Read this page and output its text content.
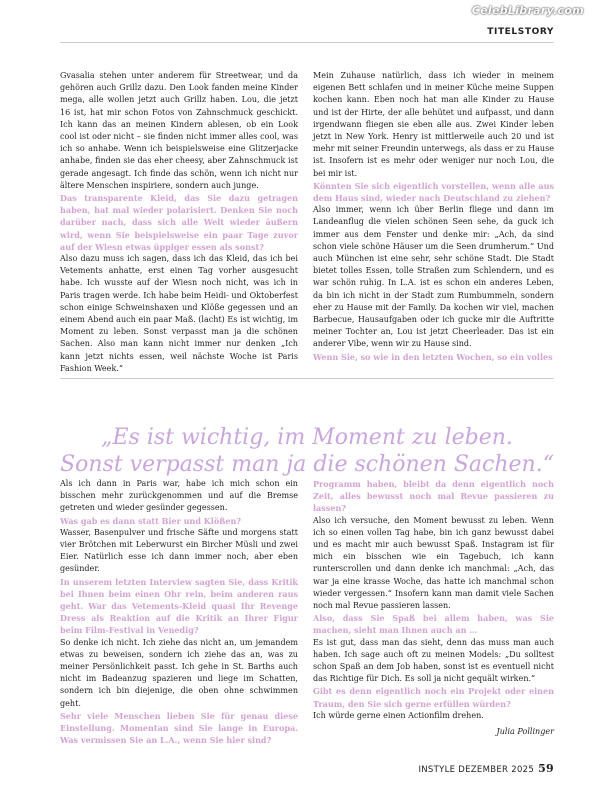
CelebLibrary.com
TITELSTORY

Gvasalia stehen unter anderem für Streetwear, und da gehören auch Grillz dazu. Den Look fanden meine Kinder mega, alle wollen jetzt auch Grillz haben. Lou, die jetzt 16 ist, hat mir schon Fotos von Zahnschmuck geschickt. Ich kann das an meinen Kindern ablesen, ob ein Look cool ist oder nicht – sie finden nicht immer alles cool, was ich so anhabe. Wenn ich beispielsweise eine Glitzerjacke anhabe, finden sie das eher cheesy, aber Zahnschmuck ist gerade angesagt. Ich finde das schön, wenn ich nicht nur ältere Menschen inspiriere, sondern auch junge.

Das transparente Kleid, das Sie dazu getragen haben, hat mal wieder polarisiert. Denken Sie noch darüber nach, dass sich alle Welt wieder äußern wird, wenn Sie beispielsweise ein paar Tage zuvor auf der Wiesn etwas üppiger essen als sonst?

Also dazu muss ich sagen, dass ich das Kleid, das ich bei Vetements anhatte, erst einen Tag vorher ausgesucht habe. Ich wusste auf der Wiesn noch nicht, was ich in Paris tragen werde. Ich habe beim Heidi- und Oktoberfest schon einige Schweinshaxen und Klöße gegessen und an einem Abend auch ein paar Maß. (lacht) Es ist wichtig, im Moment zu leben. Sonst verpasst man ja die schönen Sachen. Also man kann nicht immer nur denken „Ich kann jetzt nichts essen, weil nächste Woche ist Paris Fashion Week.“

Mein Zuhause natürlich, dass ich wieder in meinem eigenen Bett schlafen und in meiner Küche meine Suppen kochen kann. Eben noch hat man alle Kinder zu Hause und ist der Hirte, der alle behütet und aufpasst, und dann irgendwann fliegen sie eben alle aus. Zwei Kinder leben jetzt in New York. Henry ist mittlerweile auch 20 und ist mehr mit seiner Freundin unterwegs, als dass er zu Hause ist. Insofern ist es mehr oder weniger nur noch Lou, die bei mir ist.

Könnten Sie sich eigentlich vorstellen, wenn alle aus dem Haus sind, wieder nach Deutschland zu ziehen?

Also immer, wenn ich über Berlin fliege und dann im Landeanflug die vielen schönen Seen sehe, da guck ich immer aus dem Fenster und denke mir: „Ach, da sind schon viele schöne Häuser um die Seen drumherum.“ Und auch München ist eine sehr, sehr schöne Stadt. Die Stadt bietet tolles Essen, tolle Straßen zum Schlendern, und es war schön ruhig. In L.A. ist es schon ein anderes Leben, da bin ich nicht in der Stadt zum Rumbummeln, sondern eher zu Hause mit der Family. Da kochen wir viel, machen Barbecue, Hausaufgaben oder ich gucke mir die Auftritte meiner Tochter an, Lou ist jetzt Cheerleader. Das ist ein anderer Vibe, wenn wir zu Hause sind.

Wenn Sie, so wie in den letzten Wochen, so ein volles

„Es ist wichtig, im Moment zu leben.
Sonst verpasst man ja die schönen Sachen.“

Als ich dann in Paris war, habe ich mich schon ein bisschen mehr zurückgenommen und auf die Bremse getreten und wieder gesünder gegessen.

Was gab es dann statt Bier und Klößen?

Wasser, Basenpulver und frische Säfte und morgens statt vier Brötchen mit Leberwurst ein Bircher Müsli und zwei Eier. Natürlich esse ich dann immer noch, aber eben gesünder.

In unserem letzten Interview sagten Sie, dass Kritik bei Ihnen beim einen Ohr rein, beim anderen raus geht. War das Vetements-Kleid quasi Ihr Revenge Dress als Reaktion auf die Kritik an Ihrer Figur beim Film-Festival in Venedig?

So denke ich nicht. Ich ziehe das nicht an, um jemandem etwas zu beweisen, sondern ich ziehe das an, was zu meiner Persönlichkeit passt. Ich gehe in St. Barths auch nicht im Badeanzug spazieren und liege im Schatten, sondern ich bin diejenige, die oben ohne schwimmen geht.

Sehr viele Menschen lieben Sie für genau diese Einstellung. Momentan sind Sie lange in Europa. Was vermissen Sie an L.A., wenn Sie hier sind?

Programm haben, bleibt da denn eigentlich noch Zeit, alles bewusst noch mal Revue passieren zu lassen?

Also ich versuche, den Moment bewusst zu leben. Wenn ich so einen vollen Tag habe, bin ich ganz bewusst dabei und es macht mir auch bewusst Spaß. Instagram ist für mich ein bisschen wie ein Tagebuch, ich kann runterscrollen und dann denke ich manchmal: „Ach, das war ja eine krasse Woche, das hatte ich manchmal schon wieder vergessen.“ Insofern kann man damit viele Sachen noch mal Revue passieren lassen.

Also, dass Sie Spaß bei allem haben, was Sie machen, sieht man Ihnen auch an …

Es ist gut, dass man das sieht, denn das muss man auch haben. Ich sage auch oft zu meinen Models: „Du solltest schon Spaß an dem Job haben, sonst ist es eventuell nicht das Richtige für Dich. Es soll ja nicht gequält wirken.“

Gibt es denn eigentlich noch ein Projekt oder einen Traum, den Sie sich gerne erfüllen würden?

Ich würde gerne einen Actionfilm drehen.

Julia Pollinger

INSTYLE DEZEMBER 2025 59
